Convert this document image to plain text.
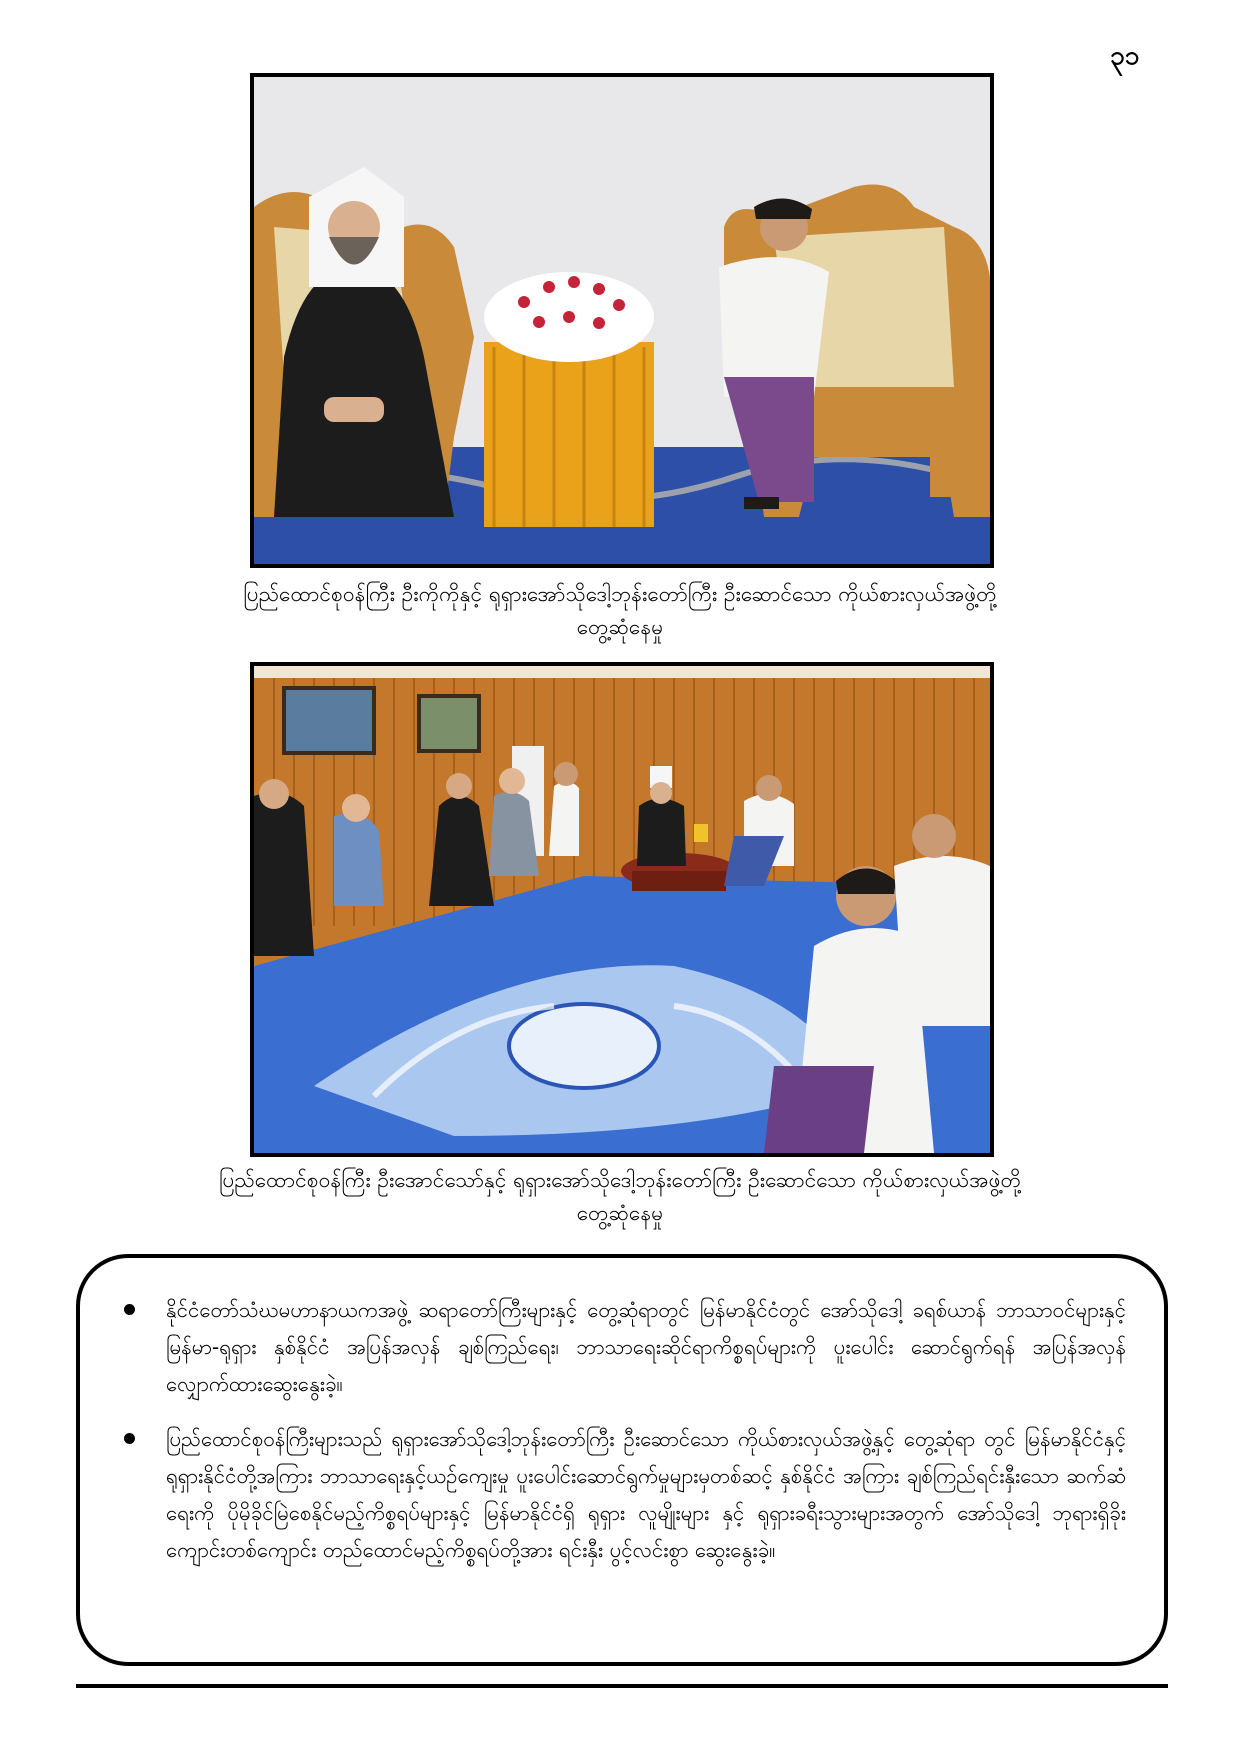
၃၁
ပြည်ထောင်စုဝန်ကြီး ဦးကိုကိုနှင့် ရုရှားအော်သိုဒေါ့ဘုန်းတော်ကြီး ဦးဆောင်သော ကိုယ်စားလှယ်အဖွဲ့တို့
တွေ့ဆုံနေမှု
ပြည်ထောင်စုဝန်ကြီး ဦးအောင်သော်နှင့် ရုရှားအော်သိုဒေါ့ဘုန်းတော်ကြီး ဦးဆောင်သော ကိုယ်စားလှယ်အဖွဲ့တို့
တွေ့ဆုံနေမှု
နိုင်ငံတော်သံဃမဟာနာယကအဖွဲ့ ဆရာတော်ကြီးများနှင့် တွေ့ဆုံရာတွင် မြန်မာနိုင်ငံတွင် အော်သိုဒေါ့ ခရစ်ယာန် ဘာသာဝင်များနှင့် မြန်မာ-ရုရှား နှစ်နိုင်ငံ အပြန်အလှန် ချစ်ကြည်ရေး၊ ဘာသာရေးဆိုင်ရာကိစ္စရပ်များကို ပူးပေါင်း ဆောင်ရွက်ရန် အပြန်အလှန် လျှောက်ထားဆွေးနွေးခဲ့။
ပြည်ထောင်စုဝန်ကြီးများသည် ရုရှားအော်သိုဒေါ့ဘုန်းတော်ကြီး ဦးဆောင်သော ကိုယ်စားလှယ်အဖွဲ့နှင့် တွေ့ဆုံရာ တွင် မြန်မာနိုင်ငံနှင့် ရုရှားနိုင်ငံတို့အကြား ဘာသာရေးနှင့်ယဉ်ကျေးမှု ပူးပေါင်းဆောင်ရွက်မှုများမှတစ်ဆင့် နှစ်နိုင်ငံ အကြား ချစ်ကြည်ရင်းနှီးသော ဆက်ဆံရေးကို ပိုမိုခိုင်မြဲစေနိုင်မည့်ကိစ္စရပ်များနှင့် မြန်မာနိုင်ငံရှိ ရုရှား လူမျိုးများ နှင့် ရုရှားခရီးသွားများအတွက် အော်သိုဒေါ့ ဘုရားရှိခိုးကျောင်းတစ်ကျောင်း တည်ထောင်မည့်ကိစ္စရပ်တို့အား ရင်းနှီး ပွင့်လင်းစွာ ဆွေးနွေးခဲ့။
